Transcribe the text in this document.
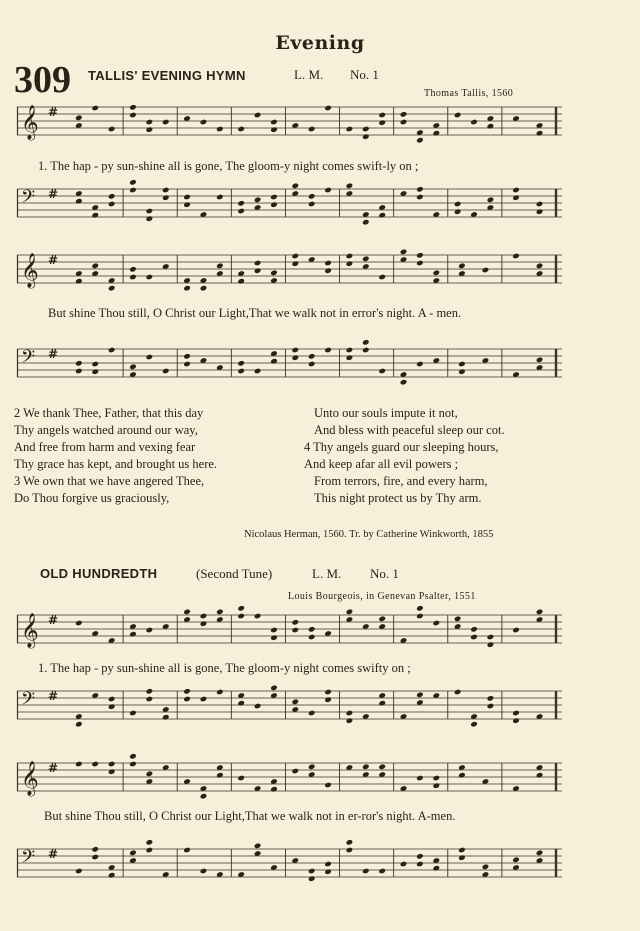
Evening
309 TALLIS' EVENING HYMN	L. M. No. 1
Thomas Tallis, 1560
𝄞 #
1. The hap - py sun-shine all is gone, The gloom-y night comes swift-ly on ;
𝄢 #
𝄞 #
But shine Thou still, O Christ our Light,That we walk not in error's night. A - men.
𝄢 #
2 We thank Thee, Father, that this day
Thy angels watched around our way,
And free from harm and vexing fear
Thy grace has kept, and brought us here.
3 We own that we have angered Thee,
Do Thou forgive us graciously,
Unto our souls impute it not,
And bless with peaceful sleep our cot.
4 Thy angels guard our sleeping hours,
And keep afar all evil powers ;
From terrors, fire, and every harm,
This night protect us by Thy arm.
Nicolaus Herman, 1560. Tr. by Catherine Winkworth, 1855
OLD HUNDREDTH	(Second Tune)	L. M. No. 1
Louis Bourgeois, in Genevan Psalter, 1551
𝄞 #
1. The hap - py sun-shine all is gone, The gloom-y night comes swifty on ;
𝄢 #
𝄞 #
But shine Thou still, O Christ our Light,That we walk not in er-ror's night. A-men.
𝄢 #
